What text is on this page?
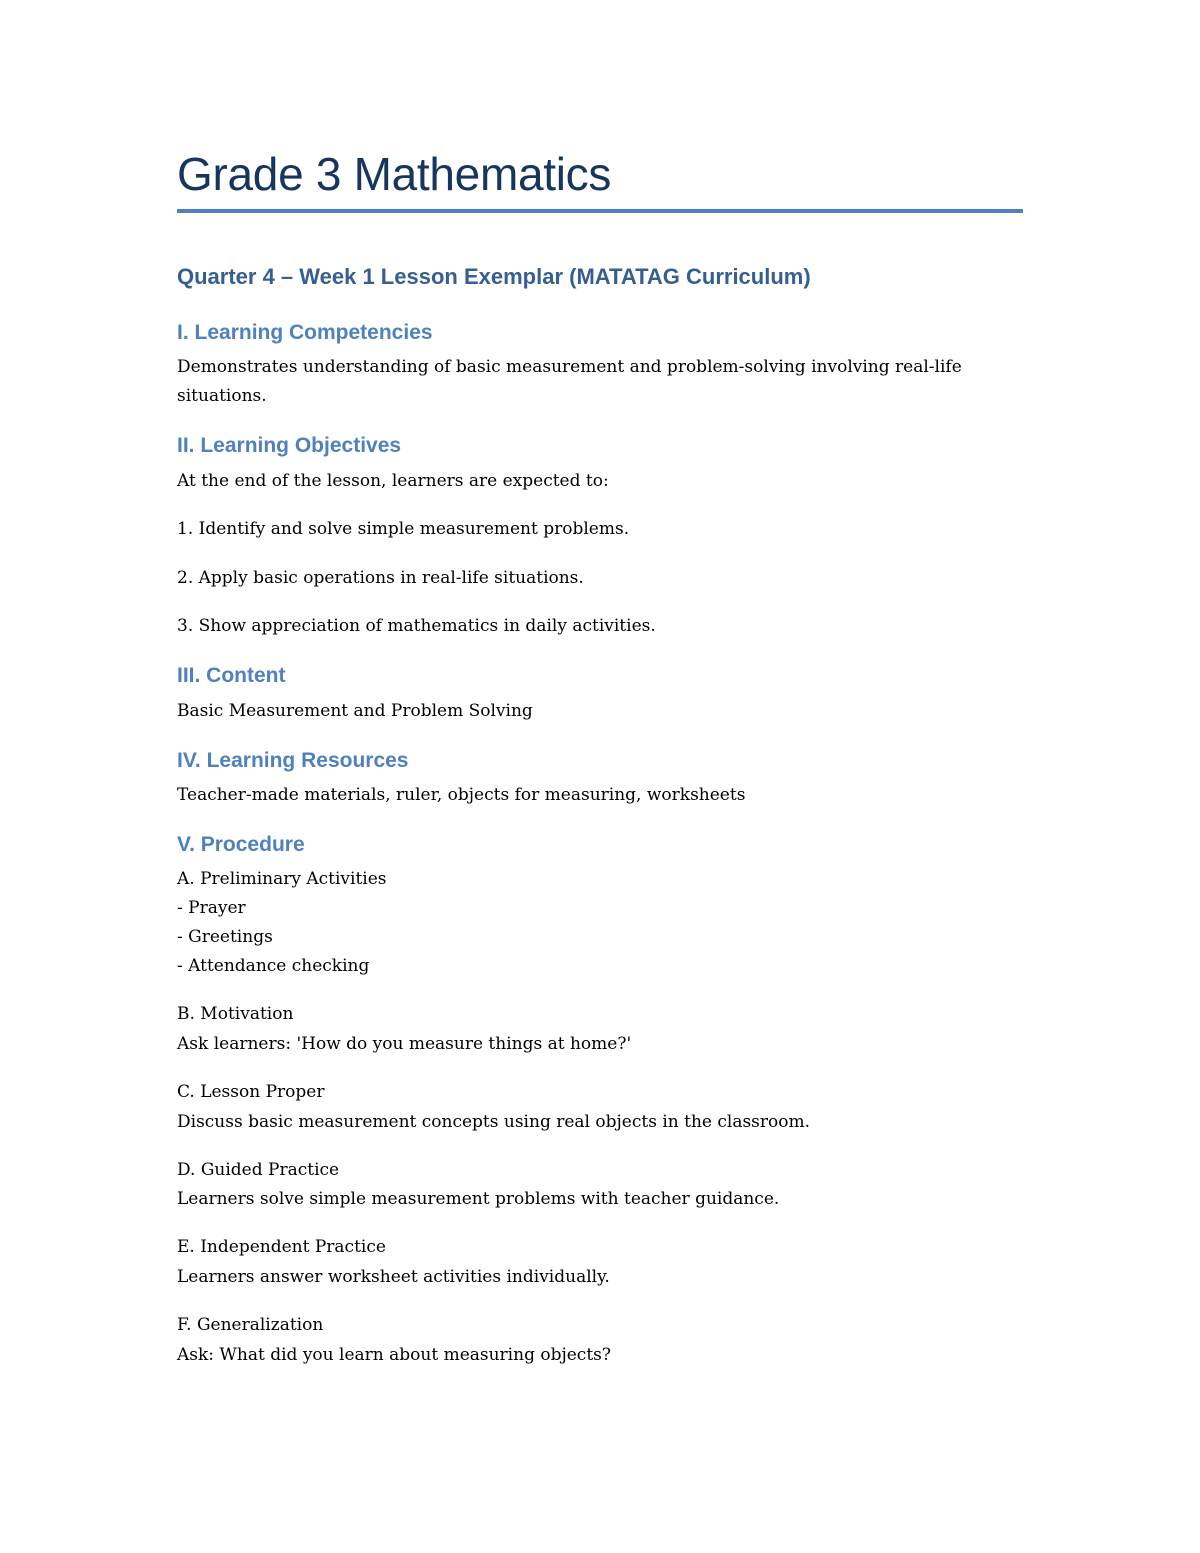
Grade 3 Mathematics
Quarter 4 – Week 1 Lesson Exemplar (MATATAG Curriculum)
I. Learning Competencies

Demonstrates understanding of basic measurement and problem-solving involving real-life

situations.

II. Learning Objectives

At the end of the lesson, learners are expected to:

1. Identify and solve simple measurement problems.

2. Apply basic operations in real-life situations.

3. Show appreciation of mathematics in daily activities.

III. Content

Basic Measurement and Problem Solving

IV. Learning Resources

Teacher-made materials, ruler, objects for measuring, worksheets

V. Procedure

A. Preliminary Activities

- Prayer

- Greetings

- Attendance checking

B. Motivation

Ask learners: 'How do you measure things at home?'

C. Lesson Proper

Discuss basic measurement concepts using real objects in the classroom.

D. Guided Practice

Learners solve simple measurement problems with teacher guidance.

E. Independent Practice

Learners answer worksheet activities individually.

F. Generalization

Ask: What did you learn about measuring objects?
